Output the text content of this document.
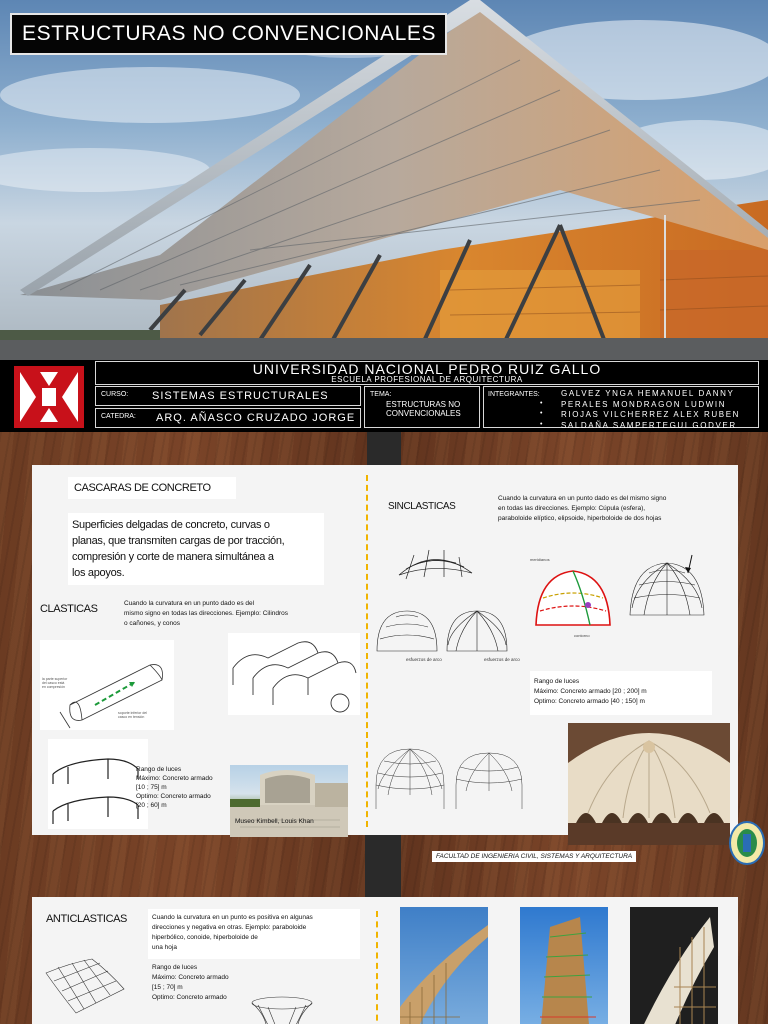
ESTRUCTURAS NO CONVENCIONALES
UNIVERSIDAD NACIONAL PEDRO RUIZ GALLO
ESCUELA PROFESIONAL DE ARQUITECTURA
CURSO: SISTEMAS ESTRUCTURALES
CATEDRA: ARQ. AÑASCO CRUZADO JORGE
TEMA:
ESTRUCTURAS NO
CONVENCIONALES
INTEGRANTES:	GALVEZ YNGA HEMANUEL DANNY
• PERALES MONDRAGON LUDWIN
• RIOJAS VILCHERREZ ALEX RUBEN
• SALDAÑA SAMPERTEGUI GODVER
CASCARAS DE CONCRETO
Superficies delgadas de concreto, curvas o
planas, que transmiten cargas de por tracción,
compresión y corte de manera simultánea a
los apoyos.
CLASTICAS	Cuando la curvatura en un punto dado es del
mismo signo en todas las direcciones. Ejemplo: Cilindros
o cañones, y conos
la parte superior
del casco está
en compresión
soporte inferior del
casco en tensión
Rango de luces
Máximo: Concreto armado
[10 ; 75] m
Optimo: Concreto armado
[20 ; 60] m
Museo Kimbell, Louis Khan
SINCLASTICAS
Cuando la curvatura en un punto dado es del mismo signo
en todas las direcciones. Ejemplo: Cúpula (esfera),
paraboloide elíptico, elipsoide, hiperboloide de dos hojas
meridianos
contorno
esfuerzos de arco	esfuerzos de arco
Rango de luces
Máximo: Concreto armado [20 ; 200] m
Optimo: Concreto armado [40 ; 150] m
FACULTAD DE INGENIERIA CIVIL, SISTEMAS Y ARQUITECTURA
ANTICLASTICAS	Cuando la curvatura en un punto es positiva en algunas
direcciones y negativa en otras. Ejemplo: paraboloide
hiperbólico, conoide, hiperboloide de
una hoja
Rango de luces
Máximo: Concreto armado
[15 ; 70] m
Optimo: Concreto armado
